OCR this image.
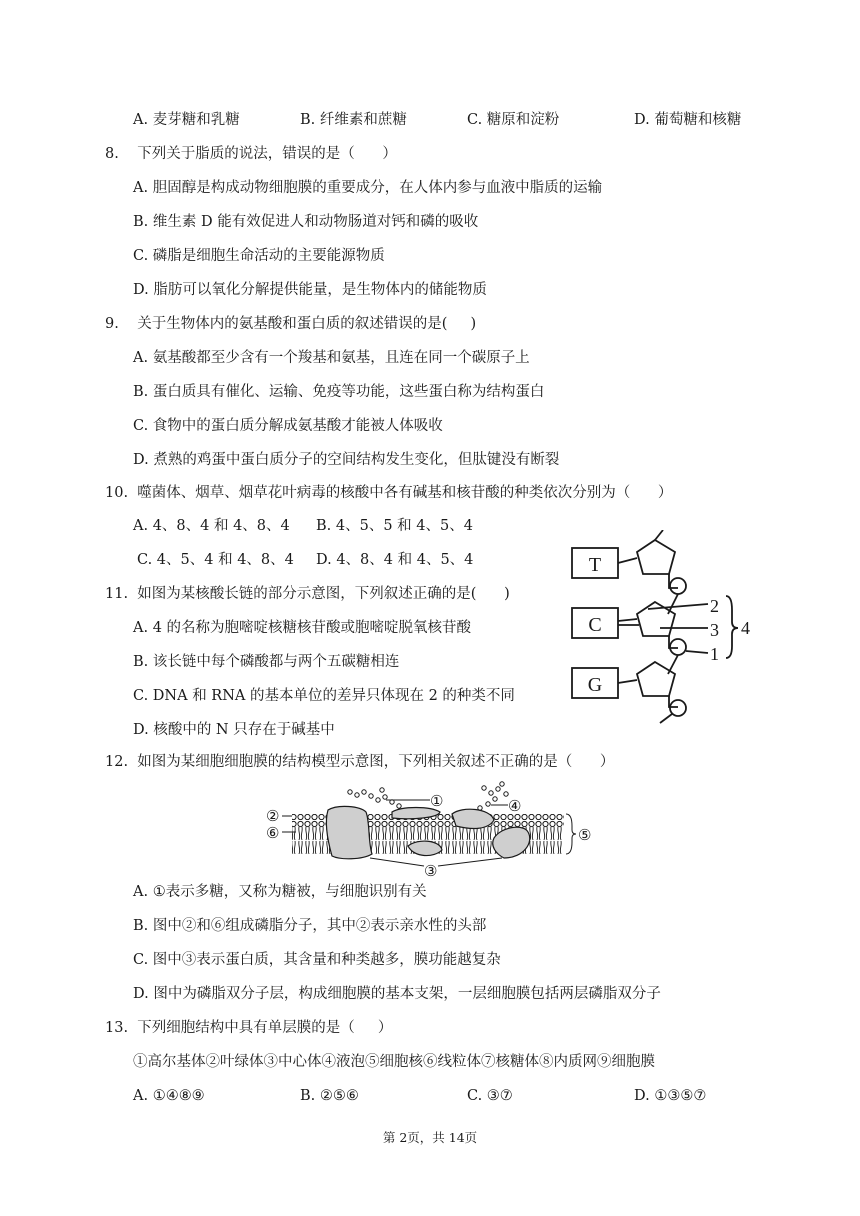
A. 麦芽糖和乳糖	B. 纤维素和蔗糖	C. 糖原和淀粉	D. 葡萄糖和核糖
8.    下列关于脂质的说法，错误的是（      ）
A. 胆固醇是构成动物细胞膜的重要成分，在人体内参与血液中脂质的运输
B. 维生素 D 能有效促进人和动物肠道对钙和磷的吸收
C. 磷脂是细胞生命活动的主要能源物质
D. 脂肪可以氧化分解提供能量，是生物体内的储能物质
9.    关于生物体内的氨基酸和蛋白质的叙述错误的是(     )
A. 氨基酸都至少含有一个羧基和氨基，且连在同一个碳原子上
B. 蛋白质具有催化、运输、免疫等功能，这些蛋白称为结构蛋白
C. 食物中的蛋白质分解成氨基酸才能被人体吸收
D. 煮熟的鸡蛋中蛋白质分子的空间结构发生变化，但肽键没有断裂
10.  噬菌体、烟草、烟草花叶病毒的核酸中各有碱基和核苷酸的种类依次分别为（      ）
A. 4、8、4 和 4、8、4 B. 4、5、5 和 4、5、4
C. 4、5、4 和 4、8、4 D. 4、8、4 和 4、5、4
11.  如图为某核酸长链的部分示意图，下列叙述正确的是(      )
A. 4 的名称为胞嘧啶核糖核苷酸或胞嘧啶脱氧核苷酸
B. 该长链中每个磷酸都与两个五碳糖相连
C. DNA 和 RNA 的基本单位的差异只体现在 2 的种类不同
D. 核酸中的 N 只存在于碱基中
T
C
G
2
3
1
4
12.  如图为某细胞细胞膜的结构模型示意图，下列相关叙述不正确的是（      ）
①
②
③
④
⑤
⑥
A. ①表示多糖，又称为糖被，与细胞识别有关
B. 图中②和⑥组成磷脂分子，其中②表示亲水性的头部
C. 图中③表示蛋白质，其含量和种类越多，膜功能越复杂
D. 图中为磷脂双分子层，构成细胞膜的基本支架，一层细胞膜包括两层磷脂双分子
13.  下列细胞结构中具有单层膜的是（     ）
①高尔基体②叶绿体③中心体④液泡⑤细胞核⑥线粒体⑦核糖体⑧内质网⑨细胞膜
A. ①④⑧⑨	B. ②⑤⑥	C. ③⑦	D. ①③⑤⑦
第 2页，共 14页
